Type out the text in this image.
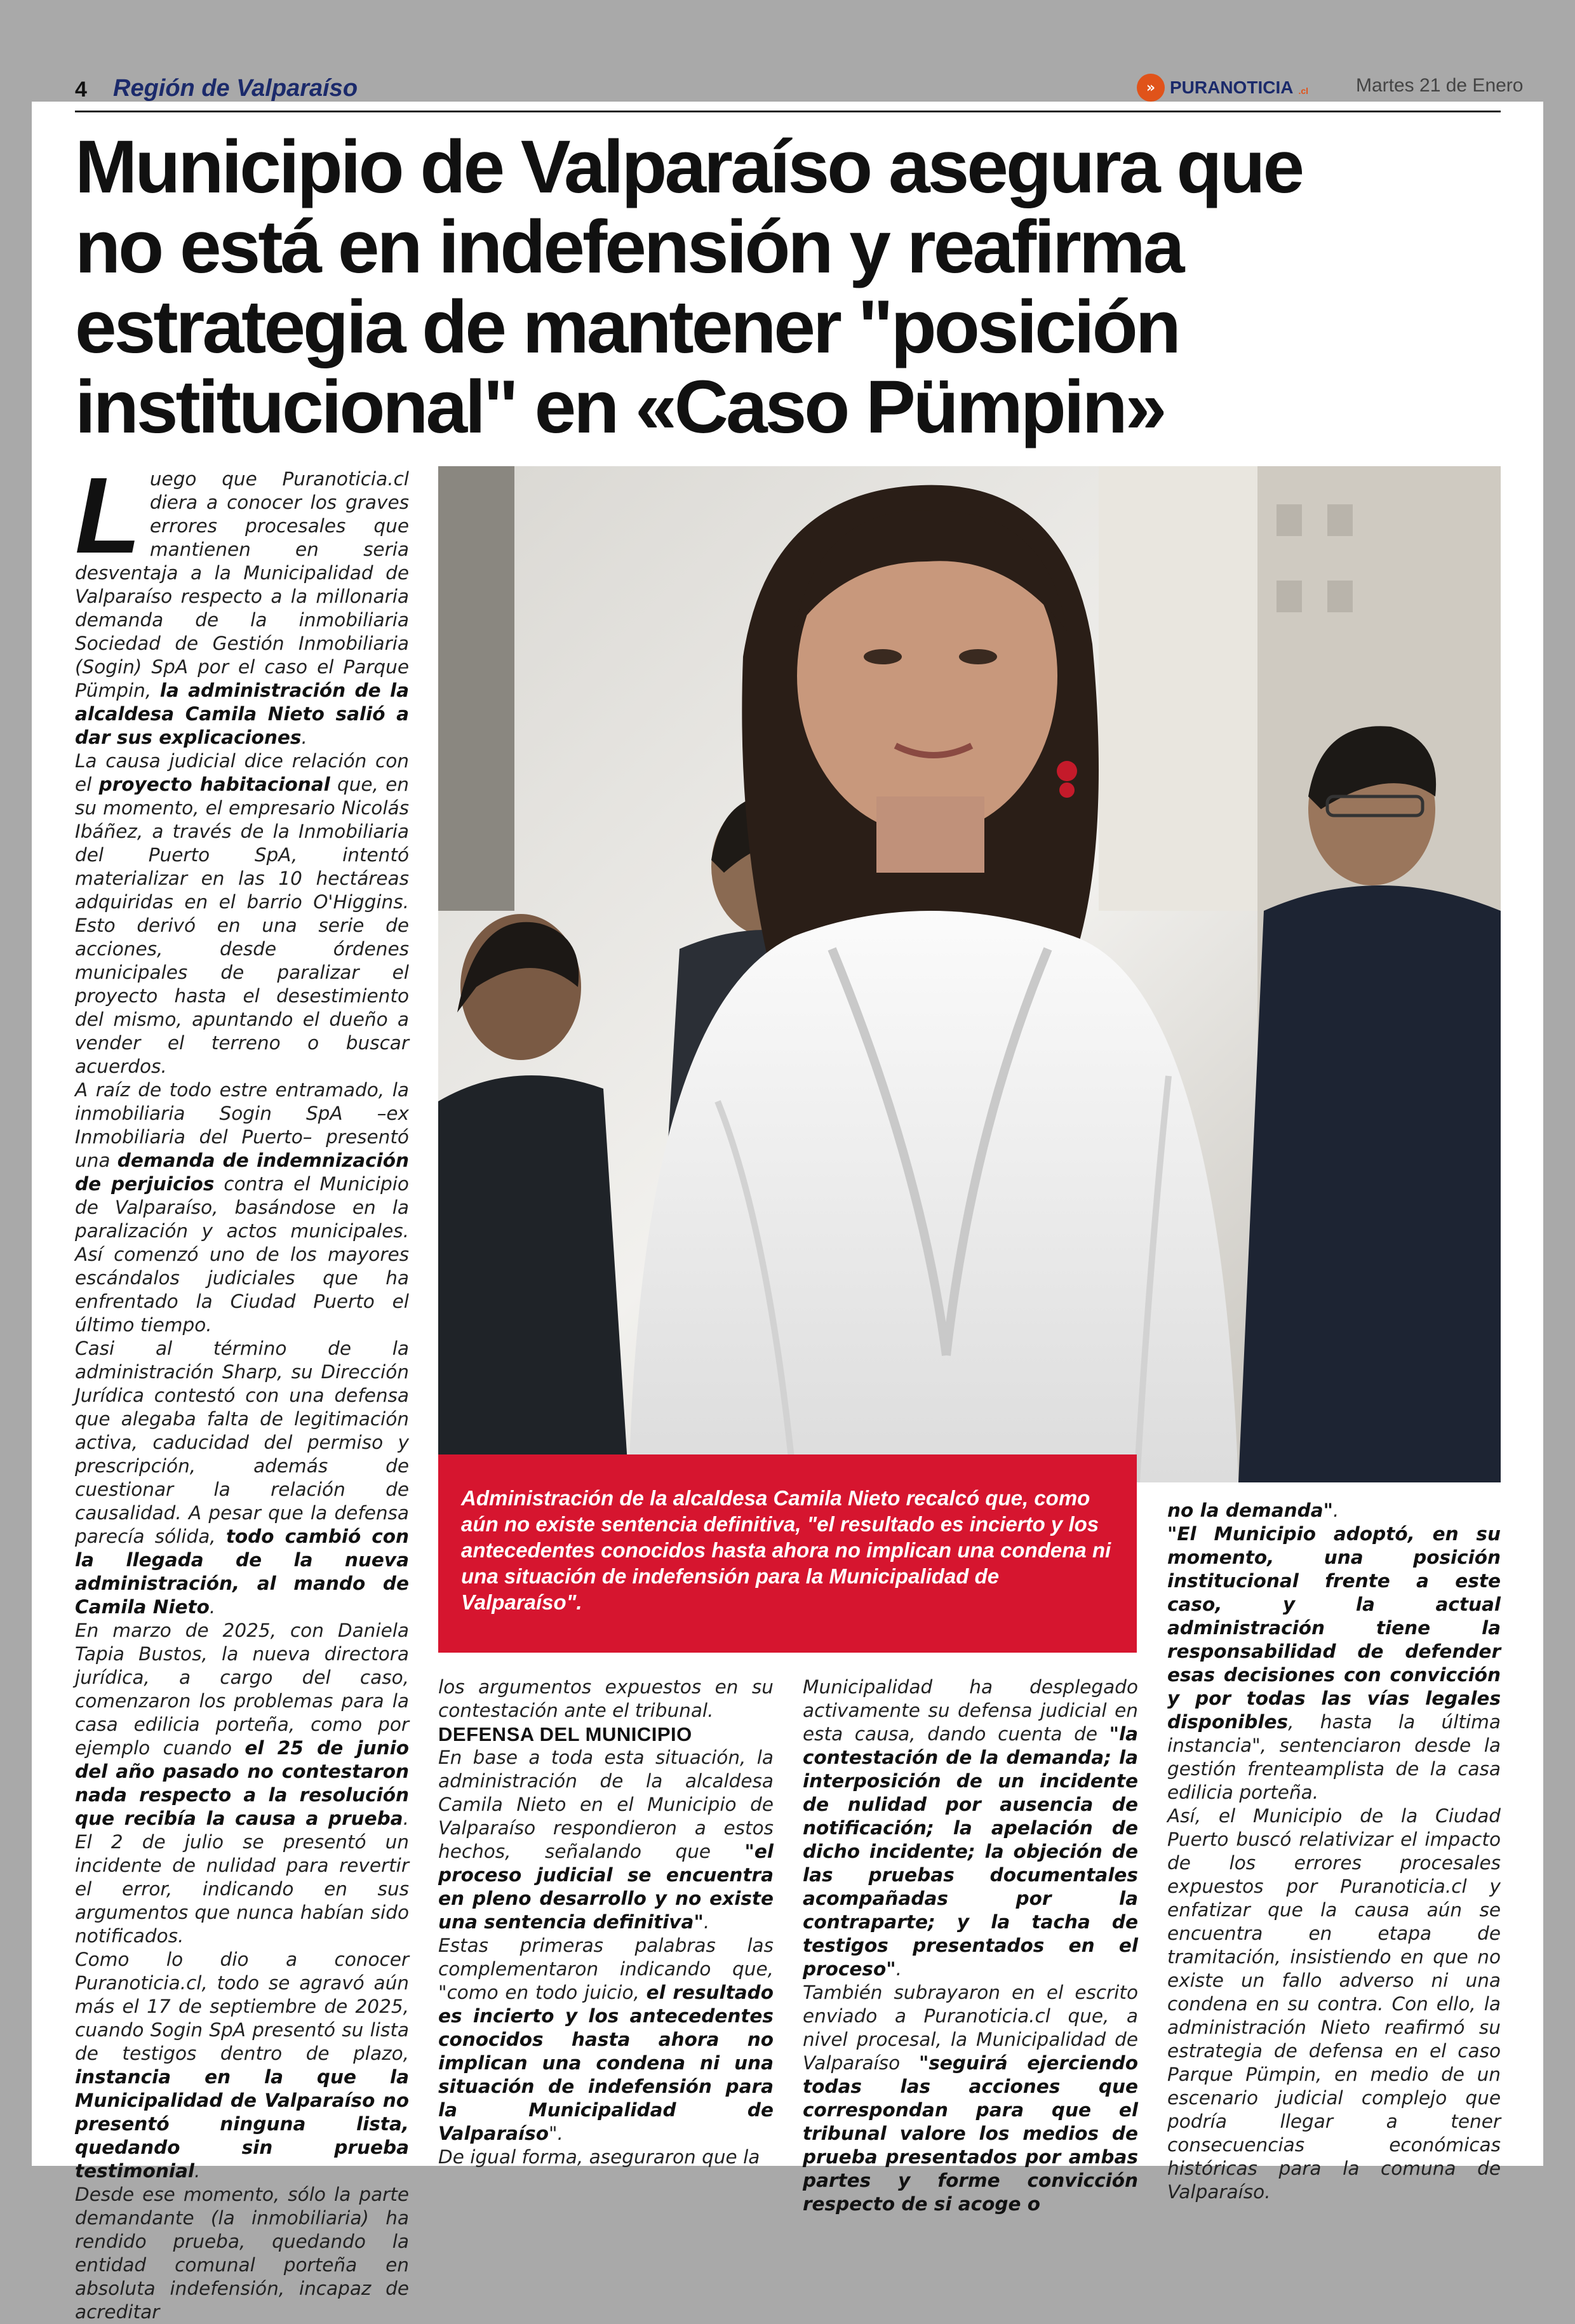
4 Región de Valparaíso	» PURANOTICIA .cl Martes 21 de Enero
Municipio de Valparaíso asegura que
no está en indefensión y reafirma
estrategia de mantener "posición
institucional" en «Caso Pümpin»
L uego que Puranoticia.cl diera a conocer los graves errores procesales que mantienen en seria desventaja a la Municipalidad de Valparaíso respecto a la millonaria demanda de la inmobiliaria Sociedad de Gestión Inmobiliaria (Sogin) SpA por el caso el Parque Pümpin, la administración de la alcaldesa Camila Nieto salió a dar sus explicaciones.

La causa judicial dice relación con el proyecto habitacional que, en su momento, el empresario Nicolás Ibáñez, a través de la Inmobiliaria del Puerto SpA, intentó materializar en las 10 hectáreas adquiridas en el barrio O'Higgins. Esto derivó en una serie de acciones, desde órdenes municipales de paralizar el proyecto hasta el desestimiento del mismo, apuntando el dueño a vender el terreno o buscar acuerdos.

A raíz de todo estre entramado, la inmobiliaria Sogin SpA –ex Inmobiliaria del Puerto– presentó una demanda de indemnización de perjuicios contra el Municipio de Valparaíso, basándose en la paralización y actos municipales. Así comenzó uno de los mayores escándalos judiciales que ha enfrentado la Ciudad Puerto el último tiempo.

Casi al término de la administración Sharp, su Dirección Jurídica contestó con una defensa que alegaba falta de legitimación activa, caducidad del permiso y prescripción, además de cuestionar la relación de causalidad. A pesar que la defensa parecía sólida, todo cambió con la llegada de la nueva administración, al mando de Camila Nieto.

En marzo de 2025, con Daniela Tapia Bustos, la nueva directora jurídica, a cargo del caso, comenzaron los problemas para la casa edilicia porteña, como por ejemplo cuando el 25 de junio del año pasado no contestaron nada respecto a la resolución que recibía la causa a prueba. El 2 de julio se presentó un incidente de nulidad para revertir el error, indicando en sus argumentos que nunca habían sido notificados.

Como lo dio a conocer Puranoticia.cl, todo se agravó aún más el 17 de septiembre de 2025, cuando Sogin SpA presentó su lista de testigos dentro de plazo, instancia en la que la Municipalidad de Valparaíso no presentó ninguna lista, quedando sin prueba testimonial.

Desde ese momento, sólo la parte demandante (la inmobiliaria) ha rendido prueba, quedando la entidad comunal porteña en absoluta indefensión, incapaz de acreditar

Administración de la alcaldesa Camila Nieto recalcó que, como aún no existe sentencia definitiva, "el resultado es incierto y los antecedentes conocidos hasta ahora no implican una condena ni una situación de indefensión para la Municipalidad de Valparaíso".

los argumentos expuestos en su contestación ante el tribunal.

DEFENSA DEL MUNICIPIO

En base a toda esta situación, la administración de la alcaldesa Camila Nieto en el Municipio de Valparaíso respondieron a estos hechos, señalando que "el proceso judicial se encuentra en pleno desarrollo y no existe una sentencia definitiva".

Estas primeras palabras las complementaron indicando que, "como en todo juicio, el resultado es incierto y los antecedentes conocidos hasta ahora no implican una condena ni una situación de indefensión para la Municipalidad de Valparaíso".

De igual forma, aseguraron que la

Municipalidad ha desplegado activamente su defensa judicial en esta causa, dando cuenta de "la contestación de la demanda; la interposición de un incidente de nulidad por ausencia de notificación; la apelación de dicho incidente; la objeción de las pruebas documentales acompañadas por la contraparte; y la tacha de testigos presentados en el proceso".

También subrayaron en el escrito enviado a Puranoticia.cl que, a nivel procesal, la Municipalidad de Valparaíso "seguirá ejerciendo todas las acciones que correspondan para que el tribunal valore los medios de prueba presentados por ambas partes y forme convicción respecto de si acoge o

no la demanda".

"El Municipio adoptó, en su momento, una posición institucional frente a este caso, y la actual administración tiene la responsabilidad de defender esas decisiones con convicción y por todas las vías legales disponibles, hasta la última instancia", sentenciaron desde la gestión frenteamplista de la casa edilicia porteña.

Así, el Municipio de la Ciudad Puerto buscó relativizar el impacto de los errores procesales expuestos por Puranoticia.cl y enfatizar que la causa aún se encuentra en etapa de tramitación, insistiendo en que no existe un fallo adverso ni una condena en su contra. Con ello, la administración Nieto reafirmó su estrategia de defensa en el caso Parque Pümpin, en medio de un escenario judicial complejo que podría llegar a tener consecuencias económicas históricas para la comuna de Valparaíso.
